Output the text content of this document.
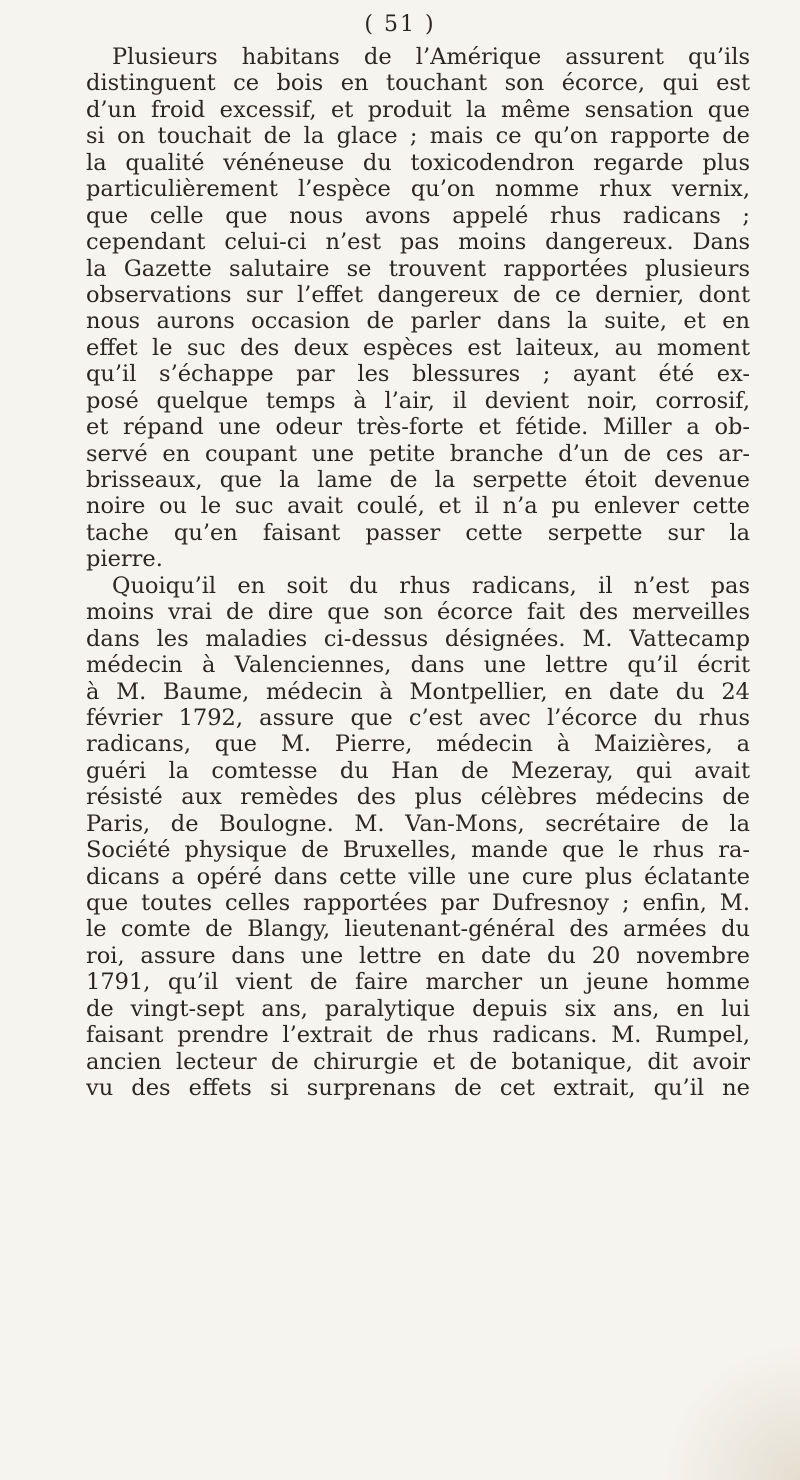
( 51 )
Plusieurs habitans de l’Amérique assurent qu’ils
distinguent ce bois en touchant son écorce, qui est
d’un froid excessif, et produit la même sensation que
si on touchait de la glace ; mais ce qu’on rapporte de
la qualité vénéneuse du toxicodendron regarde plus
particulièrement l’espèce qu’on nomme rhux vernix,
que celle que nous avons appelé rhus radicans ;
cependant celui-ci n’est pas moins dangereux. Dans
la Gazette salutaire se trouvent rapportées plusieurs
observations sur l’effet dangereux de ce dernier, dont
nous aurons occasion de parler dans la suite, et en
effet le suc des deux espèces est laiteux, au moment
qu’il s’échappe par les blessures ; ayant été ex-
posé quelque temps à l’air, il devient noir, corrosif,
et répand une odeur très-forte et fétide. Miller a ob-
servé en coupant une petite branche d’un de ces ar-
brisseaux, que la lame de la serpette étoit devenue
noire ou le suc avait coulé, et il n’a pu enlever cette
tache qu’en faisant passer cette serpette sur la
pierre.
Quoiqu’il en soit du rhus radicans, il n’est pas
moins vrai de dire que son écorce fait des merveilles
dans les maladies ci-dessus désignées. M. Vattecamp
médecin à Valenciennes, dans une lettre qu’il écrit
à M. Baume, médecin à Montpellier, en date du 24
février 1792, assure que c’est avec l’écorce du rhus
radicans, que M. Pierre, médecin à Maizières, a
guéri la comtesse du Han de Mezeray, qui avait
résisté aux remèdes des plus célèbres médecins de
Paris, de Boulogne. M. Van-Mons, secrétaire de la
Société physique de Bruxelles, mande que le rhus ra-
dicans a opéré dans cette ville une cure plus éclatante
que toutes celles rapportées par Dufresnoy ; enfin, M.
le comte de Blangy, lieutenant-général des armées du
roi, assure dans une lettre en date du 20 novembre
1791, qu’il vient de faire marcher un jeune homme
de vingt-sept ans, paralytique depuis six ans, en lui
faisant prendre l’extrait de rhus radicans. M. Rumpel,
ancien lecteur de chirurgie et de botanique, dit avoir
vu des effets si surprenans de cet extrait, qu’il ne
